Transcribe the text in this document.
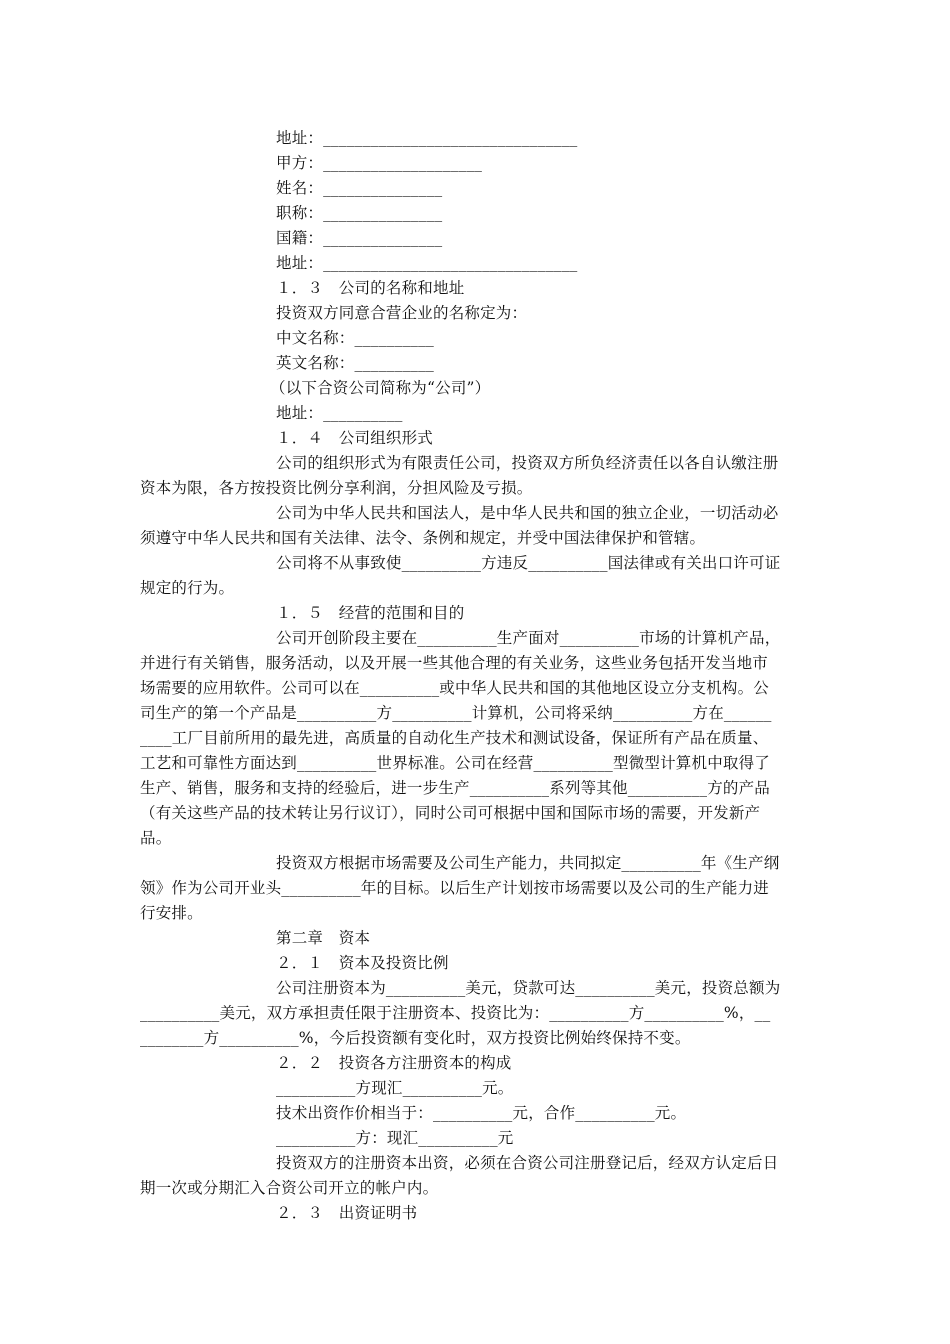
地址：________________________________
甲方：____________________
姓名：_______________
职称：_______________
国籍：_______________
地址：________________________________
１．３　公司的名称和地址
投资双方同意合营企业的名称定为：
中文名称：__________
英文名称：__________
（以下合资公司简称为“公司”）
地址：__________
１．４　公司组织形式
公司的组织形式为有限责任公司，投资双方所负经济责任以各自认缴注册
资本为限，各方按投资比例分享利润，分担风险及亏损。
公司为中华人民共和国法人，是中华人民共和国的独立企业，一切活动必
须遵守中华人民共和国有关法律、法令、条例和规定，并受中国法律保护和管辖。
公司将不从事致使__________方违反__________国法律或有关出口许可证
规定的行为。
１．５　经营的范围和目的
公司开创阶段主要在__________生产面对__________市场的计算机产品，
并进行有关销售，服务活动，以及开展一些其他合理的有关业务，这些业务包括开发当地市
场需要的应用软件。公司可以在__________或中华人民共和国的其他地区设立分支机构。公
司生产的第一个产品是__________方__________计算机，公司将采纳__________方在______
____工厂目前所用的最先进，高质量的自动化生产技术和测试设备，保证所有产品在质量、
工艺和可靠性方面达到__________世界标准。公司在经营__________型微型计算机中取得了
生产、销售，服务和支持的经验后，进一步生产__________系列等其他__________方的产品
（有关这些产品的技术转让另行议订），同时公司可根据中国和国际市场的需要，开发新产
品。
投资双方根据市场需要及公司生产能力，共同拟定__________年《生产纲
领》作为公司开业头__________年的目标。以后生产计划按市场需要以及公司的生产能力进
行安排。
第二章　资本
２．１　资本及投资比例
公司注册资本为__________美元，贷款可达__________美元，投资总额为
__________美元，双方承担责任限于注册资本、投资比为：__________方__________%，__
________方__________%，今后投资额有变化时，双方投资比例始终保持不变。
２．２　投资各方注册资本的构成
__________方现汇__________元。
技术出资作价相当于：__________元，合作__________元。
__________方：现汇__________元
投资双方的注册资本出资，必须在合资公司注册登记后，经双方认定后日
期一次或分期汇入合资公司开立的帐户内。
２．３　出资证明书
